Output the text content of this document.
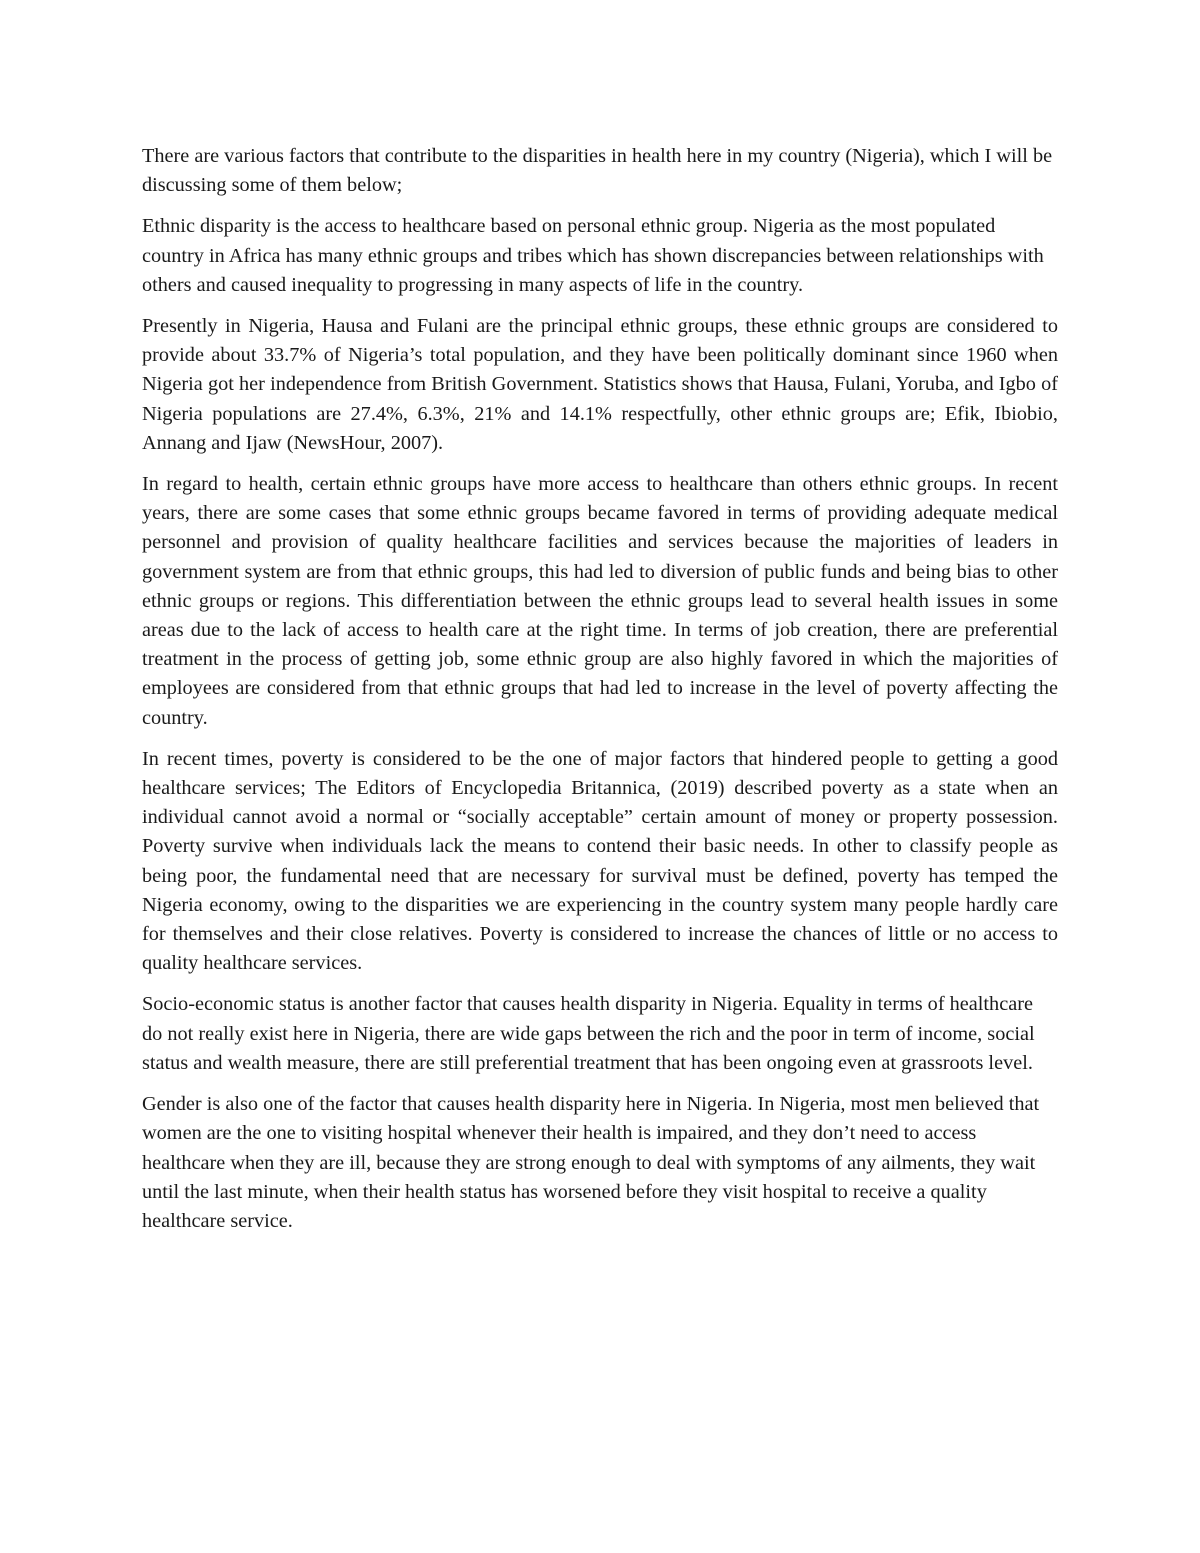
There are various factors that contribute to the disparities in health here in my country (Nigeria), which I will be discussing some of them below;

Ethnic disparity is the access to healthcare based on personal ethnic group. Nigeria as the most populated country in Africa has many ethnic groups and tribes which has shown discrepancies between relationships with others and caused inequality to progressing in many aspects of life in the country.

Presently in Nigeria, Hausa and Fulani are the principal ethnic groups, these ethnic groups are considered to provide about 33.7% of Nigeria’s total population, and they have been politically dominant since 1960 when Nigeria got her independence from British Government. Statistics shows that Hausa, Fulani, Yoruba, and Igbo of Nigeria populations are 27.4%, 6.3%, 21% and 14.1% respectfully, other ethnic groups are; Efik, Ibiobio, Annang and Ijaw (NewsHour, 2007).

In regard to health, certain ethnic groups have more access to healthcare than others ethnic groups. In recent years, there are some cases that some ethnic groups became favored in terms of providing adequate medical personnel and provision of quality healthcare facilities and services because the majorities of leaders in government system are from that ethnic groups, this had led to diversion of public funds and being bias to other ethnic groups or regions. This differentiation between the ethnic groups lead to several health issues in some areas due to the lack of access to health care at the right time. In terms of job creation, there are preferential treatment in the process of getting job, some ethnic group are also highly favored in which the majorities of employees are considered from that ethnic groups that had led to increase in the level of poverty affecting the country.

In recent times, poverty is considered to be the one of major factors that hindered people to getting a good healthcare services; The Editors of Encyclopedia Britannica, (2019) described poverty as a state when an individual cannot avoid a normal or “socially acceptable” certain amount of money or property possession. Poverty survive when individuals lack the means to contend their basic needs. In other to classify people as being poor, the fundamental need that are necessary for survival must be defined, poverty has temped the Nigeria economy, owing to the disparities we are experiencing in the country system many people hardly care for themselves and their close relatives. Poverty is considered to increase the chances of little or no access to quality healthcare services.

Socio-economic status is another factor that causes health disparity in Nigeria. Equality in terms of healthcare do not really exist here in Nigeria, there are wide gaps between the rich and the poor in term of income, social status and wealth measure, there are still preferential treatment that has been ongoing even at grassroots level.

Gender is also one of the factor that causes health disparity here in Nigeria. In Nigeria, most men believed that women are the one to visiting hospital whenever their health is impaired, and they don’t need to access healthcare when they are ill, because they are strong enough to deal with symptoms of any ailments, they wait until the last minute, when their health status has worsened before they visit hospital to receive a quality healthcare service.
